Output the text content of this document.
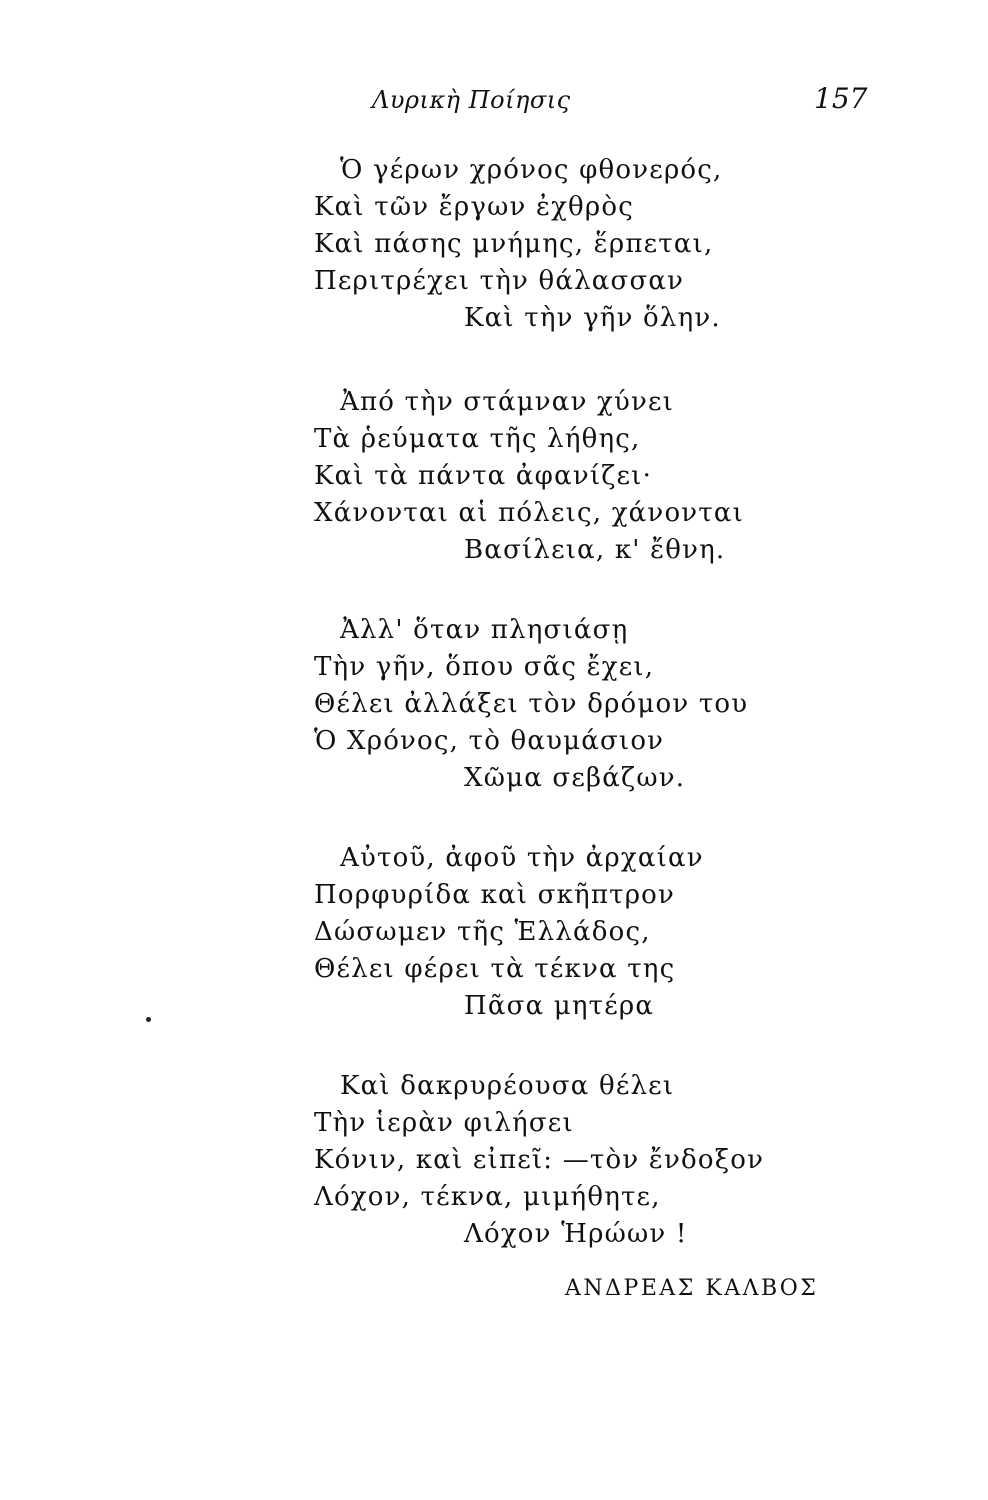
Λυρικὴ Ποίησις	157
Ὁ γέρων χρόνος φθονερός,
Καὶ τῶν ἔργων ἐχθρὸς
Καὶ πάσης μνήμης, ἕρπεται,
Περιτρέχει τὴν θάλασσαν
Καὶ τὴν γῆν ὅλην.
Ἀπό τὴν στάμναν χύνει
Τὰ ῥεύματα τῆς λήθης,
Καὶ τὰ πάντα ἀφανίζει·
Χάνονται αἱ πόλεις, χάνονται
Βασίλεια, κ' ἔθνη.
Ἀλλ' ὅταν πλησιάσῃ
Τὴν γῆν, ὅπου σᾶς ἔχει,
Θέλει ἀλλάξει τὸν δρόμον του
Ὁ Χρόνος, τὸ θαυμάσιον
Χῶμα σεβάζων.
Αὐτοῦ, ἀφοῦ τὴν ἀρχαίαν
Πορφυρίδα καὶ σκῆπτρον
Δώσωμεν τῆς Ἑλλάδος,
Θέλει φέρει τὰ τέκνα της
Πᾶσα μητέρα
Καὶ δακρυρέουσα θέλει
Τὴν ἱερὰν φιλήσει
Κόνιν, καὶ εἰπεῖ: —τὸν ἔνδοξον
Λόχον, τέκνα, μιμήθητε,
Λόχον Ἡρώων !
ΑΝΔΡΕΑΣ ΚΑΛΒΟΣ
